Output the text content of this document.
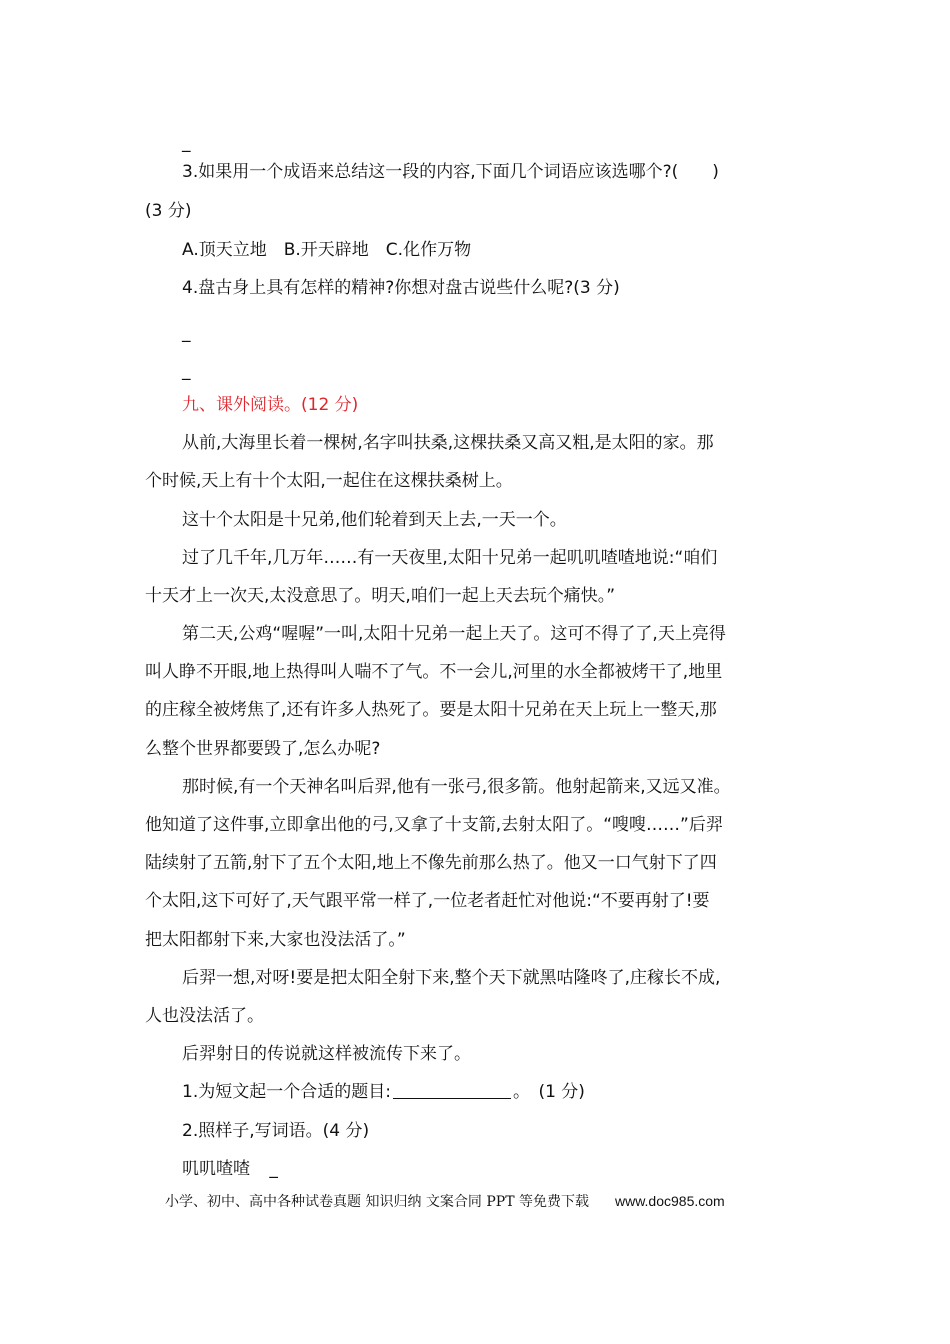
_
3.如果用一个成语来总结这一段的内容,下面几个词语应该选哪个?(　　)
(3 分)
A.顶天立地　B.开天辟地　C.化作万物
4.盘古身上具有怎样的精神?你想对盘古说些什么呢?(3 分)
_
_
九、课外阅读。(12 分)
从前,大海里长着一棵树,名字叫扶桑,这棵扶桑又高又粗,是太阳的家。那
个时候,天上有十个太阳,一起住在这棵扶桑树上。
这十个太阳是十兄弟,他们轮着到天上去,一天一个。
过了几千年,几万年……有一天夜里,太阳十兄弟一起叽叽喳喳地说:“咱们
十天才上一次天,太没意思了。明天,咱们一起上天去玩个痛快。”
第二天,公鸡“喔喔”一叫,太阳十兄弟一起上天了。这可不得了了,天上亮得
叫人睁不开眼,地上热得叫人喘不了气。不一会儿,河里的水全都被烤干了,地里
的庄稼全被烤焦了,还有许多人热死了。要是太阳十兄弟在天上玩上一整天,那
么整个世界都要毁了,怎么办呢?
那时候,有一个天神名叫后羿,他有一张弓,很多箭。他射起箭来,又远又准。
他知道了这件事,立即拿出他的弓,又拿了十支箭,去射太阳了。“嗖嗖……”后羿
陆续射了五箭,射下了五个太阳,地上不像先前那么热了。他又一口气射下了四
个太阳,这下可好了,天气跟平常一样了,一位老者赶忙对他说:“不要再射了!要
把太阳都射下来,大家也没法活了。”
后羿一想,对呀!要是把太阳全射下来,整个天下就黑咕隆咚了,庄稼长不成,
人也没法活了。
后羿射日的传说就这样被流传下来了。
1.为短文起一个合适的题目:	。　(1 分)
2.照样子,写词语。(4 分)
叽叽喳喳 _
小学、初中、高中各种试卷真题 知识归纳 文案合同 PPT 等免费下载 www.doc985.com
